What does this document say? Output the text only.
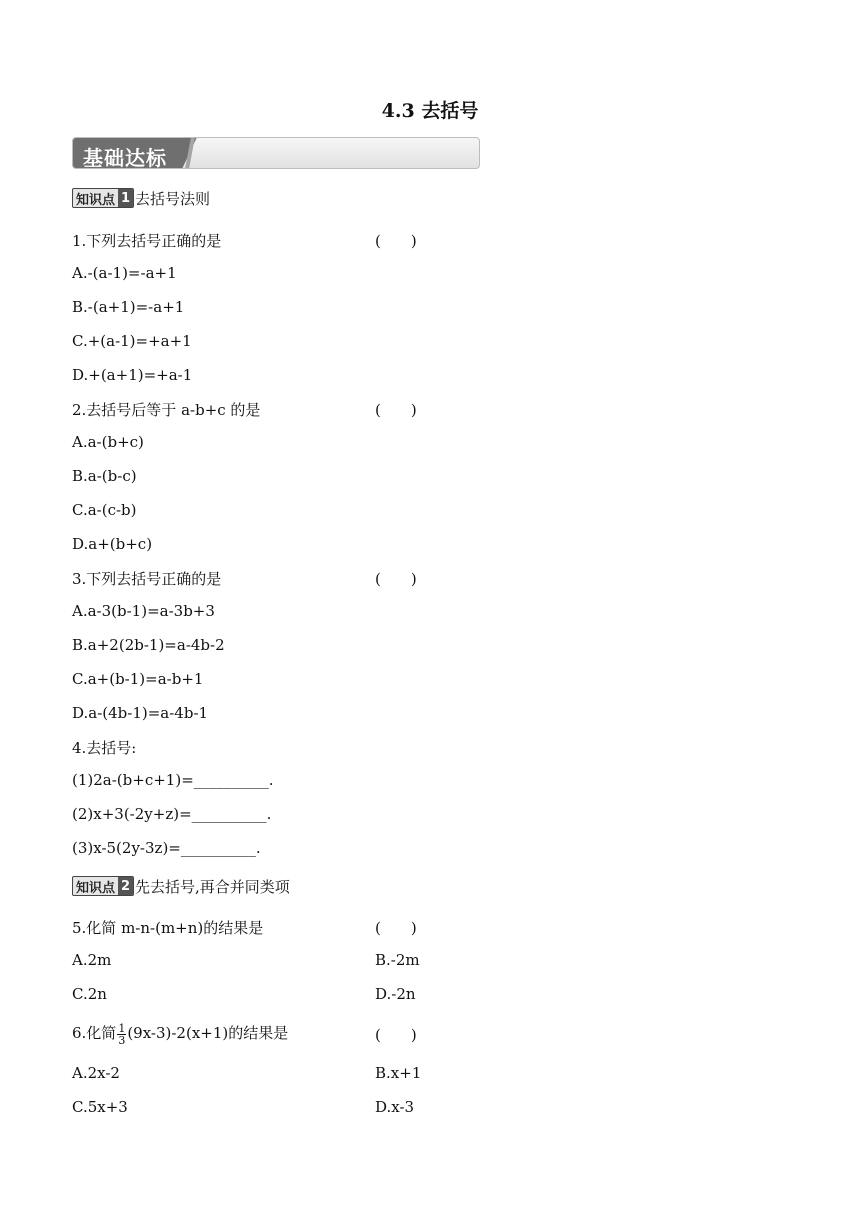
4.3 去括号
基础达标
知识点 1 去括号法则
1.下列去括号正确的是	(　　)
A.-(a-1)=-a+1
B.-(a+1)=-a+1
C.+(a-1)=+a+1
D.+(a+1)=+a-1
2.去括号后等于 a-b+c 的是	(　　)
A.a-(b+c)
B.a-(b-c)
C.a-(c-b)
D.a+(b+c)
3.下列去括号正确的是	(　　)
A.a-3(b-1)=a-3b+3
B.a+2(2b-1)=a-4b-2
C.a+(b-1)=a-b+1
D.a-(4b-1)=a-4b-1
4.去括号:
(1)2a-(b+c+1)=__________.
(2)x+3(-2y+z)=__________.
(3)x-5(2y-3z)=__________.
知识点 2 先去括号,再合并同类项
5.化简 m-n-(m+n)的结果是	(　　)
A.2m	B.-2m
C.2n	D.-2n
6.化简 $\frac{1}{3} (9x-3)-2(x+1)$的结果是	(　　)
A.2x-2	B.x+1
C.5x+3	D.x-3
